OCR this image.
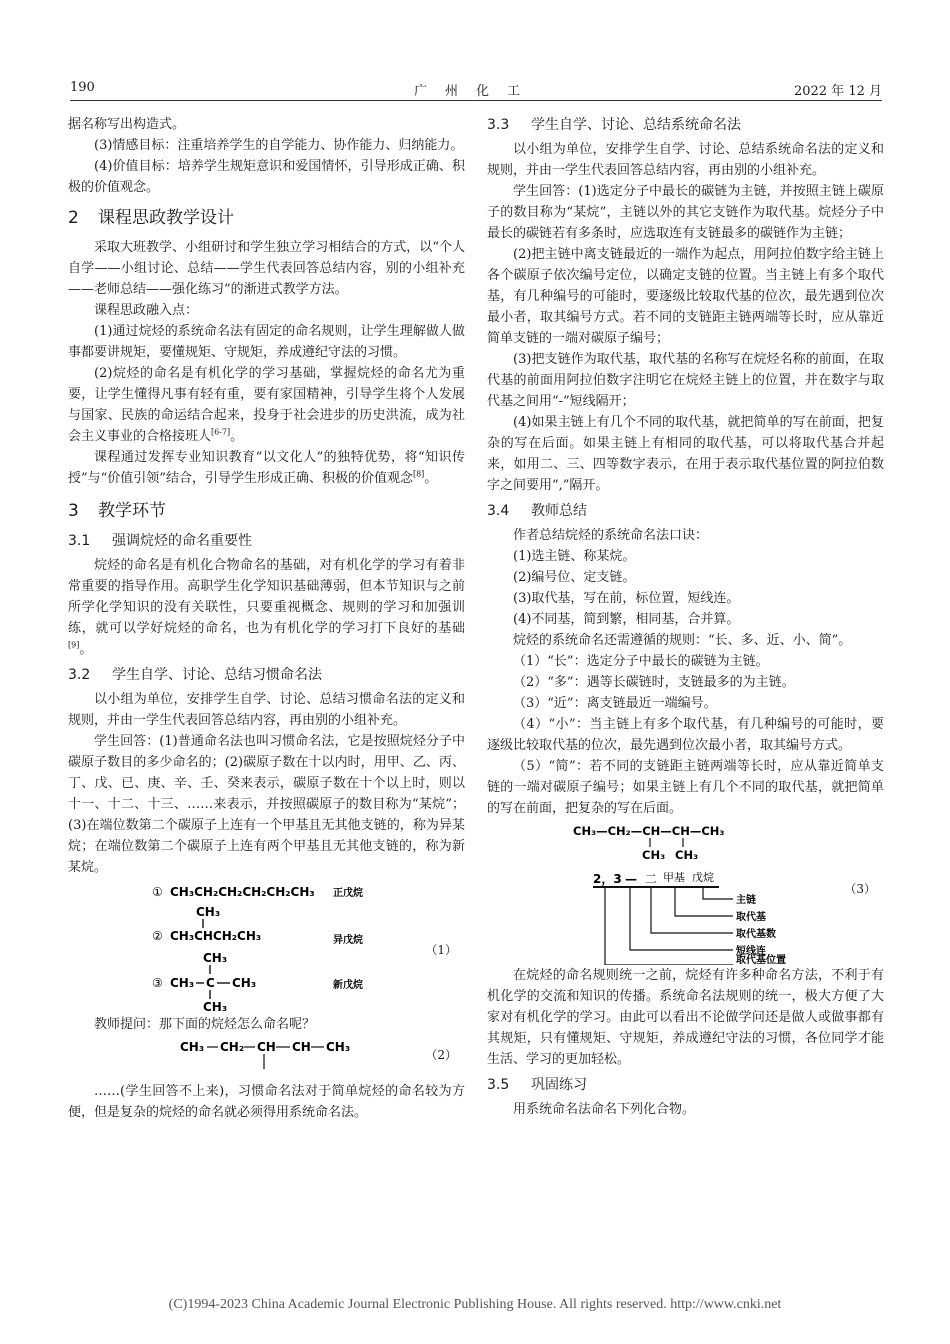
190	广州化工	2022 年 12 月

据名称写出构造式。

(3)情感目标：注重培养学生的自学能力、协作能力、归纳能力。

(4)价值目标：培养学生规矩意识和爱国情怀，引导形成正确、积极的价值观念。

2 课程思政教学设计

采取大班教学、小组研讨和学生独立学习相结合的方式，以“个人自学——小组讨论、总结——学生代表回答总结内容，别的小组补充——老师总结——强化练习”的渐进式教学方法。

课程思政融入点：

(1)通过烷烃的系统命名法有固定的命名规则，让学生理解做人做事都要讲规矩，要懂规矩、守规矩，养成遵纪守法的习惯。

(2)烷烃的命名是有机化学的学习基础，掌握烷烃的命名尤为重要，让学生懂得凡事有轻有重，要有家国精神，引导学生将个人发展与国家、民族的命运结合起来，投身于社会进步的历史洪流，成为社会主义事业的合格接班人[6-7]。

课程通过发挥专业知识教育“以文化人”的独特优势，将“知识传授”与“价值引领”结合，引导学生形成正确、积极的价值观念[8]。

3 教学环节
3.1 强调烷烃的命名重要性

烷烃的命名是有机化合物命名的基础，对有机化学的学习有着非常重要的指导作用。高职学生化学知识基础薄弱，但本节知识与之前所学化学知识的没有关联性，只要重视概念、规则的学习和加强训练，就可以学好烷烃的命名，也为有机化学的学习打下良好的基础[9]。

3.2 学生自学、讨论、总结习惯命名法

以小组为单位，安排学生自学、讨论、总结习惯命名法的定义和规则，并由一学生代表回答总结内容，再由别的小组补充。

学生回答：(1)普通命名法也叫习惯命名法，它是按照烷烃分子中碳原子数目的多少命名的；(2)碳原子数在十以内时，用甲、乙、丙、丁、戊、已、庚、辛、壬、癸来表示，碳原子数在十个以上时，则以十一、十二、十三、……来表示，并按照碳原子的数目称为“某烷”；(3)在端位数第二个碳原子上连有一个甲基且无其他支链的，称为异某烷；在端位数第二个碳原子上连有两个甲基且无其他支链的，称为新某烷。

① CH₃CH₂CH₂CH₂CH₂CH₃ 正戊烷
CH₃
② CH₃CHCH₂CH₃	异戊烷
CH₃
③ CH₃ C CH₃
CH₃
新戊烷
（1）

教师提问：那下面的烷烃怎么命名呢？

CH₃ CH₂ CH CH CH₃
（2）

……(学生回答不上来)，习惯命名法对于简单烷烃的命名较为方便，但是复杂的烷烃的命名就必须得用系统命名法。

3.3 学生自学、讨论、总结系统命名法

以小组为单位，安排学生自学、讨论、总结系统命名法的定义和规则，并由一学生代表回答总结内容，再由别的小组补充。

学生回答：(1)选定分子中最长的碳链为主链，并按照主链上碳原子的数目称为“某烷”，主链以外的其它支链作为取代基。烷烃分子中最长的碳链若有多条时，应选取连有支链最多的碳链作为主链；

(2)把主链中离支链最近的一端作为起点，用阿拉伯数字给主链上各个碳原子依次编号定位，以确定支链的位置。当主链上有多个取代基，有几种编号的可能时，要逐级比较取代基的位次，最先遇到位次最小者，取其编号方式。若不同的支链距主链两端等长时，应从靠近简单支链的一端对碳原子编号；

(3)把支链作为取代基，取代基的名称写在烷烃名称的前面，在取代基的前面用阿拉伯数字注明它在烷烃主链上的位置，并在数字与取代基之间用“-”短线隔开；

(4)如果主链上有几个不同的取代基，就把简单的写在前面，把复杂的写在后面。如果主链上有相同的取代基，可以将取代基合并起来，如用二、三、四等数字表示，在用于表示取代基位置的阿拉伯数字之间要用“,”隔开。

3.4 教师总结

作者总结烷烃的系统命名法口诀：

(1)选主链、称某烷。

(2)编号位、定支链。

(3)取代基，写在前，标位置，短线连。

(4)不同基，简到繁，相同基，合并算。

烷烃的系统命名还需遵循的规则：“长、多、近、小、简”。

（1）“长”：选定分子中最长的碳链为主链。

（2）“多”：遇等长碳链时，支链最多的为主链。

（3）“近”：离支链最近一端编号。

（4）“小”：当主链上有多个取代基，有几种编号的可能时，要逐级比较取代基的位次，最先遇到位次最小者，取其编号方式。

（5）“简”：若不同的支链距主链两端等长时，应从靠近简单支链的一端对碳原子编号；如果主链上有几个不同的取代基，就把简单的写在前面，把复杂的写在后面。

CH₃—CH₂—CH—CH—CH₃
CH₃ CH₃
2，3 — 二 甲基 戊烷
主链
取代基
取代基数
短线连
取代基位置
（3）

在烷烃的命名规则统一之前，烷烃有许多种命名方法，不利于有机化学的交流和知识的传播。系统命名法规则的统一，极大方便了大家对有机化学的学习。由此可以看出不论做学问还是做人或做事都有其规矩，只有懂规矩、守规矩，养成遵纪守法的习惯，各位同学才能生活、学习的更加轻松。

3.5 巩固练习

用系统命名法命名下列化合物。

(C)1994-2023 China Academic Journal Electronic Publishing House. All rights reserved. http://www.cnki.net
